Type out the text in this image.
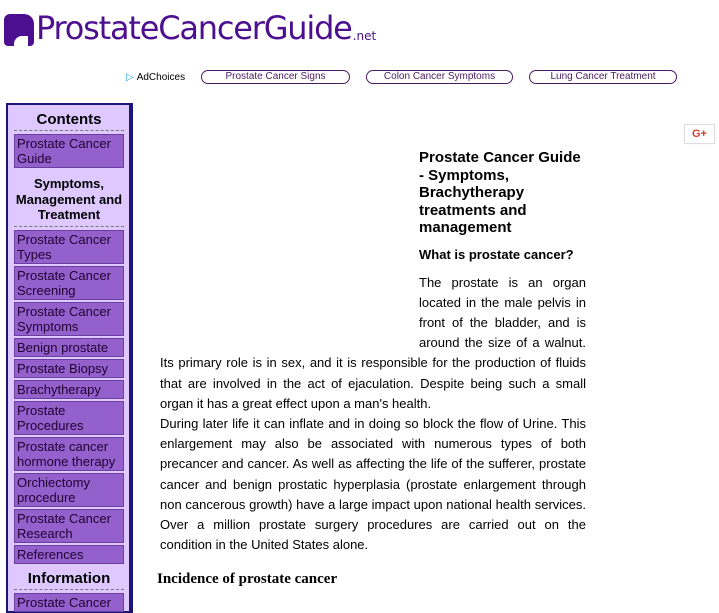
ProstateCancerGuide .net
▷ AdChoices	Prostate Cancer Signs	Colon Cancer Symptoms	Lung Cancer Treatment
Contents
Prostate Cancer Guide
Symptoms, Management and Treatment
Prostate Cancer Types
Prostate Cancer Screening
Prostate Cancer Symptoms
Benign prostate
Prostate Biopsy
Brachytherapy
Prostate Procedures
Prostate cancer hormone therapy
Orchiectomy procedure
Prostate Cancer Research
References
Information
Prostate Cancer
G+
Prostate Cancer Guide - Symptoms, Brachytherapy treatments and management
What is prostate cancer?

The prostate is an organ located in the male pelvis in front of the bladder, and is around the size of a walnut. Its primary role is in sex, and it is responsible for the production of fluids that are involved in the act of ejaculation. Despite being such a small organ it has a great effect upon a man's health.

During later life it can inflate and in doing so block the flow of Urine. This enlargement may also be associated with numerous types of both precancer and cancer. As well as affecting the life of the sufferer, prostate cancer and benign prostatic hyperplasia (prostate enlargement through non cancerous growth) have a large impact upon national health services. Over a million prostate surgery procedures are carried out on the condition in the United States alone.

Incidence of prostate cancer
